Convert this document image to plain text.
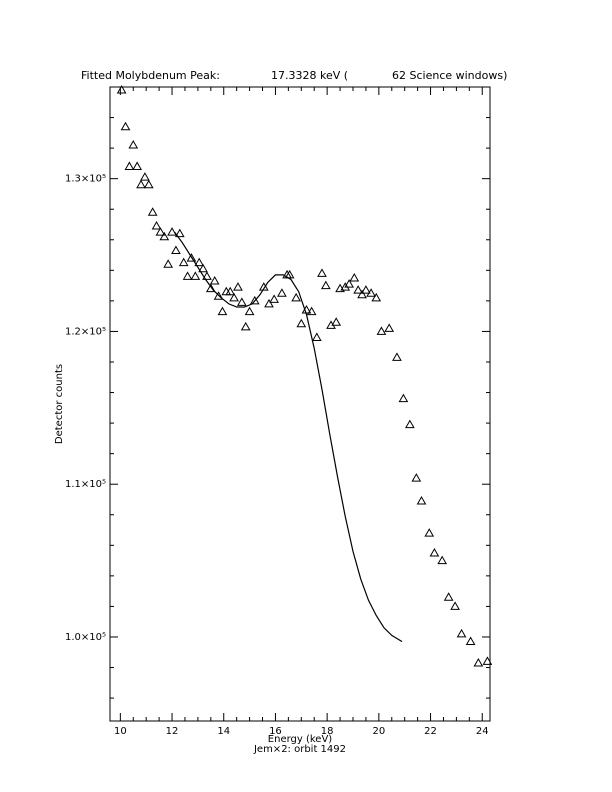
Fitted Molybdenum Peak:	17.3328 keV (	62 Science windows)
10	12	14	16	18	20	22	24
1.0×10⁵
1.1×10⁵
1.2×10⁵
1.3×10⁵
Energy (keV)
Jem×2: orbit 1492
Detector counts
